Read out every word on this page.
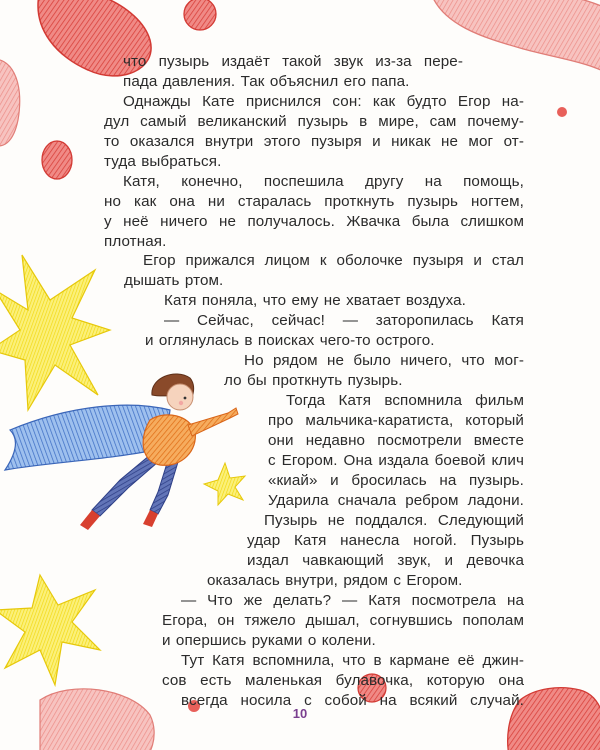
что пузырь издаёт такой звук из-за пере-
пада давления. Так объяснил его папа.
Однажды Кате приснился сон: как будто Егор на-
дул самый великанский пузырь в мире, сам почему-
то оказался внутри этого пузыря и никак не мог от-
туда выбраться.
Катя, конечно, поспешила другу на помощь,
но как она ни старалась проткнуть пузырь ногтем,
у неё ничего не получалось. Жвачка была слишком
плотная.
Егор прижался лицом к оболочке пузыря и стал
дышать ртом.
Катя поняла, что ему не хватает воздуха.
— Сейчас, сейчас! — заторопилась Катя
и оглянулась в поисках чего-то острого.
Но рядом не было ничего, что мог-
ло бы проткнуть пузырь.
Тогда Катя вспомнила фильм
про мальчика-каратиста, который
они недавно посмотрели вместе
с Егором. Она издала боевой клич
«киай» и бросилась на пузырь.
Ударила сначала ребром ладони.
Пузырь не поддался. Следующий
удар Катя нанесла ногой. Пузырь
издал чавкающий звук, и девочка
оказалась внутри, рядом с Егором.
— Что же делать? — Катя посмотрела на
Егора, он тяжело дышал, согнувшись пополам
и опершись руками о колени.
Тут Катя вспомнила, что в кармане её джин-
сов есть маленькая булавочка, которую она
всегда носила с собой на всякий случай.
10
